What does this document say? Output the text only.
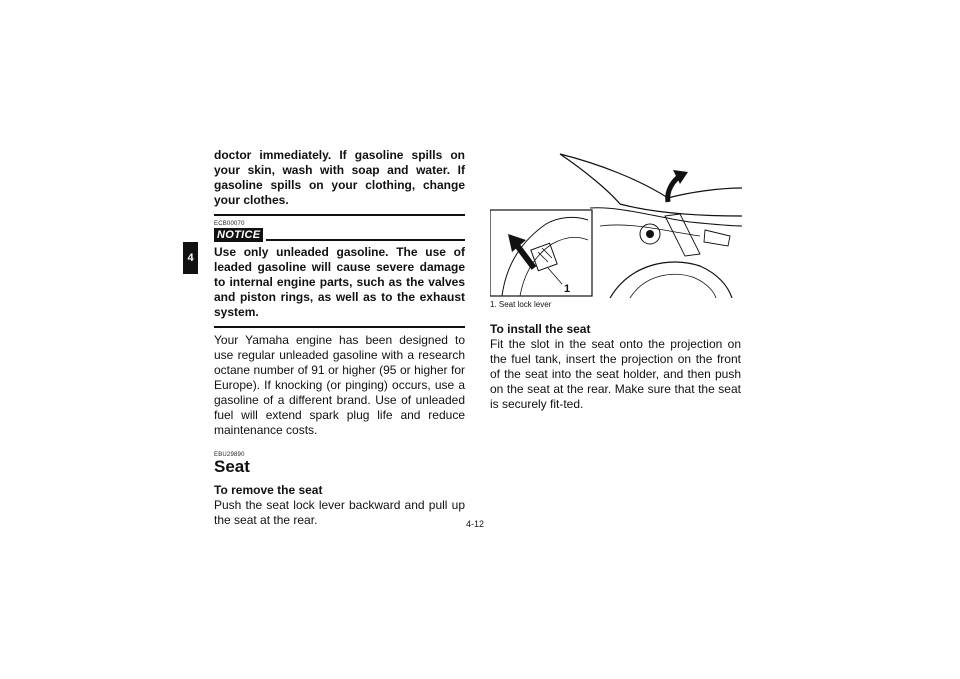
4
doctor immediately. If gasoline spills on your skin, wash with soap and water. If gasoline spills on your clothing, change your clothes.
ECB00070
NOTICE
Use only unleaded gasoline. The use of leaded gasoline will cause severe damage to internal engine parts, such as the valves and piston rings, as well as to the exhaust system.
Your Yamaha engine has been designed to use regular unleaded gasoline with a research octane number of 91 or higher (95 or higher for Europe). If knocking (or pinging) occurs, use a gasoline of a different brand. Use of unleaded fuel will extend spark plug life and reduce maintenance costs.
EBU29890
Seat
To remove the seat
Push the seat lock lever backward and pull up the seat at the rear.
1
1. Seat lock lever
To install the seat
Fit the slot in the seat onto the projection on the fuel tank, insert the projection on the front of the seat into the seat holder, and then push on the seat at the rear. Make sure that the seat is securely fit-ted.
4-12
